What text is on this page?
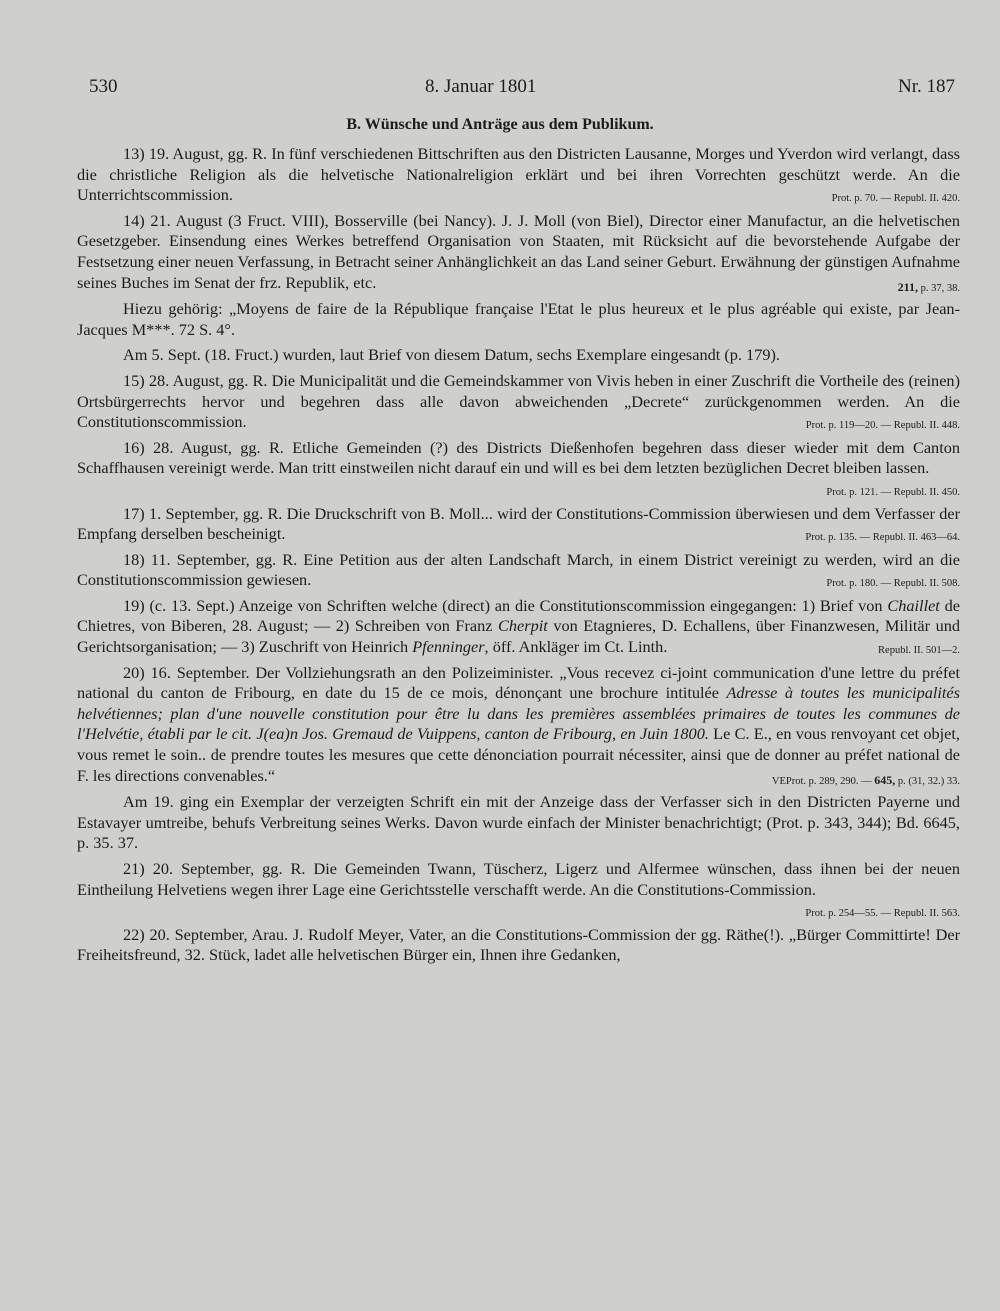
530	8. Januar 1801	Nr. 187
B. Wünsche und Anträge aus dem Publikum.

13) 19. August, gg. R. In fünf verschiedenen Bittschriften aus den Districten Lausanne, Morges und Yverdon wird verlangt, dass die christliche Religion als die helvetische Nationalreligion erklärt und bei ihren Vorrechten geschützt werde. An die Unterrichtscommission.	Prot. p. 70. — Republ. II. 420.

14) 21. August (3 Fruct. VIII), Bosserville (bei Nancy). J. J. Moll (von Biel), Director einer Manufactur, an die helvetischen Gesetzgeber. Einsendung eines Werkes betreffend Organisation von Staaten, mit Rücksicht auf die bevorstehende Aufgabe der Festsetzung einer neuen Verfassung, in Betracht seiner Anhänglichkeit an das Land seiner Geburt. Erwähnung der günstigen Aufnahme seines Buches im Senat der frz. Republik, etc.	211, p. 37, 38.

Hiezu gehörig: „Moyens de faire de la République française l'Etat le plus heureux et le plus agréable qui existe, par Jean-Jacques M***. 72 S. 4°.

Am 5. Sept. (18. Fruct.) wurden, laut Brief von diesem Datum, sechs Exemplare eingesandt (p. 179).

15) 28. August, gg. R. Die Municipalität und die Gemeindskammer von Vivis heben in einer Zuschrift die Vortheile des (reinen) Ortsbürgerrechts hervor und begehren dass alle davon abweichenden „Decrete“ zurückgenommen werden. An die Constitutionscommission.	Prot. p. 119—20. — Republ. II. 448.

16) 28. August, gg. R. Etliche Gemeinden (?) des Districts Dießenhofen begehren dass dieser wieder mit dem Canton Schaffhausen vereinigt werde. Man tritt einstweilen nicht darauf ein und will es bei dem letzten bezüglichen Decret bleiben lassen.
Prot. p. 121. — Republ. II. 450.

17) 1. September, gg. R. Die Druckschrift von B. Moll... wird der Constitutions-Commission überwiesen und dem Verfasser der Empfang derselben bescheinigt.	Prot. p. 135. — Republ. II. 463—64.

18) 11. September, gg. R. Eine Petition aus der alten Landschaft March, in einem District vereinigt zu werden, wird an die Constitutionscommission gewiesen.	Prot. p. 180. — Republ. II. 508.

19) (c. 13. Sept.) Anzeige von Schriften welche (direct) an die Constitutionscommission eingegangen: 1) Brief von Chaillet de Chietres, von Biberen, 28. August; — 2) Schreiben von Franz Cherpit von Etagnieres, D. Echallens, über Finanzwesen, Militär und Gerichtsorganisation; — 3) Zuschrift von Heinrich Pfenninger, öff. Ankläger im Ct. Linth.	Republ. II. 501—2.

20) 16. September. Der Vollziehungsrath an den Polizeiminister. „Vous recevez ci-joint communication d'une lettre du préfet national du canton de Fribourg, en date du 15 de ce mois, dénonçant une brochure intitulée Adresse à toutes les municipalités helvétiennes; plan d'une nouvelle constitution pour être lu dans les premières assemblées primaires de toutes les communes de l'Helvétie, établi par le cit. J(ea)n Jos. Gremaud de Vuippens, canton de Fribourg, en Juin 1800. Le C. E., en vous renvoyant cet objet, vous remet le soin.. de prendre toutes les mesures que cette dénonciation pourrait nécessiter, ainsi que de donner au préfet national de F. les directions convenables.“	VEProt. p. 289, 290. — 645, p. (31, 32.) 33.

Am 19. ging ein Exemplar der verzeigten Schrift ein mit der Anzeige dass der Verfasser sich in den Districten Payerne und Estavayer umtreibe, behufs Verbreitung seines Werks. Davon wurde einfach der Minister benachrichtigt; (Prot. p. 343, 344); Bd. 6645, p. 35. 37.

21) 20. September, gg. R. Die Gemeinden Twann, Tüscherz, Ligerz und Alfermee wünschen, dass ihnen bei der neuen Eintheilung Helvetiens wegen ihrer Lage eine Gerichtsstelle verschafft werde. An die Constitutions-Commission.
Prot. p. 254—55. — Republ. II. 563.

22) 20. September, Arau. J. Rudolf Meyer, Vater, an die Constitutions-Commission der gg. Räthe(!). „Bürger Committirte! Der Freiheitsfreund, 32. Stück, ladet alle helvetischen Bürger ein, Ihnen ihre Gedanken,
